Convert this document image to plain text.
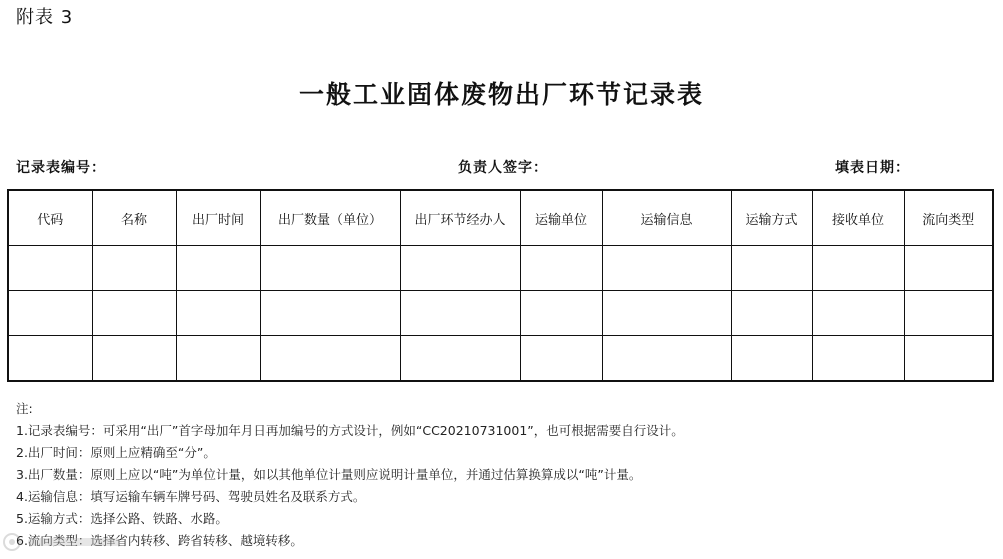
附表 3
一般工业固体废物出厂环节记录表
记录表编号：	负责人签字：	填表日期：
代码	名称	出厂时间	出厂数量（单位）	出厂环节经办人	运输单位	运输信息	运输方式	接收单位	流向类型

注:

1.记录表编号：可采用“出厂”首字母加年月日再加编号的方式设计，例如“CC20210731001”，也可根据需要自行设计。

2.出厂时间：原则上应精确至“分”。

3.出厂数量：原则上应以“吨”为单位计量，如以其他单位计量则应说明计量单位，并通过估算换算成以“吨”计量。

4.运输信息：填写运输车辆车牌号码、驾驶员姓名及联系方式。

5.运输方式：选择公路、铁路、水路。

6.流向类型：选择省内转移、跨省转移、越境转移。
